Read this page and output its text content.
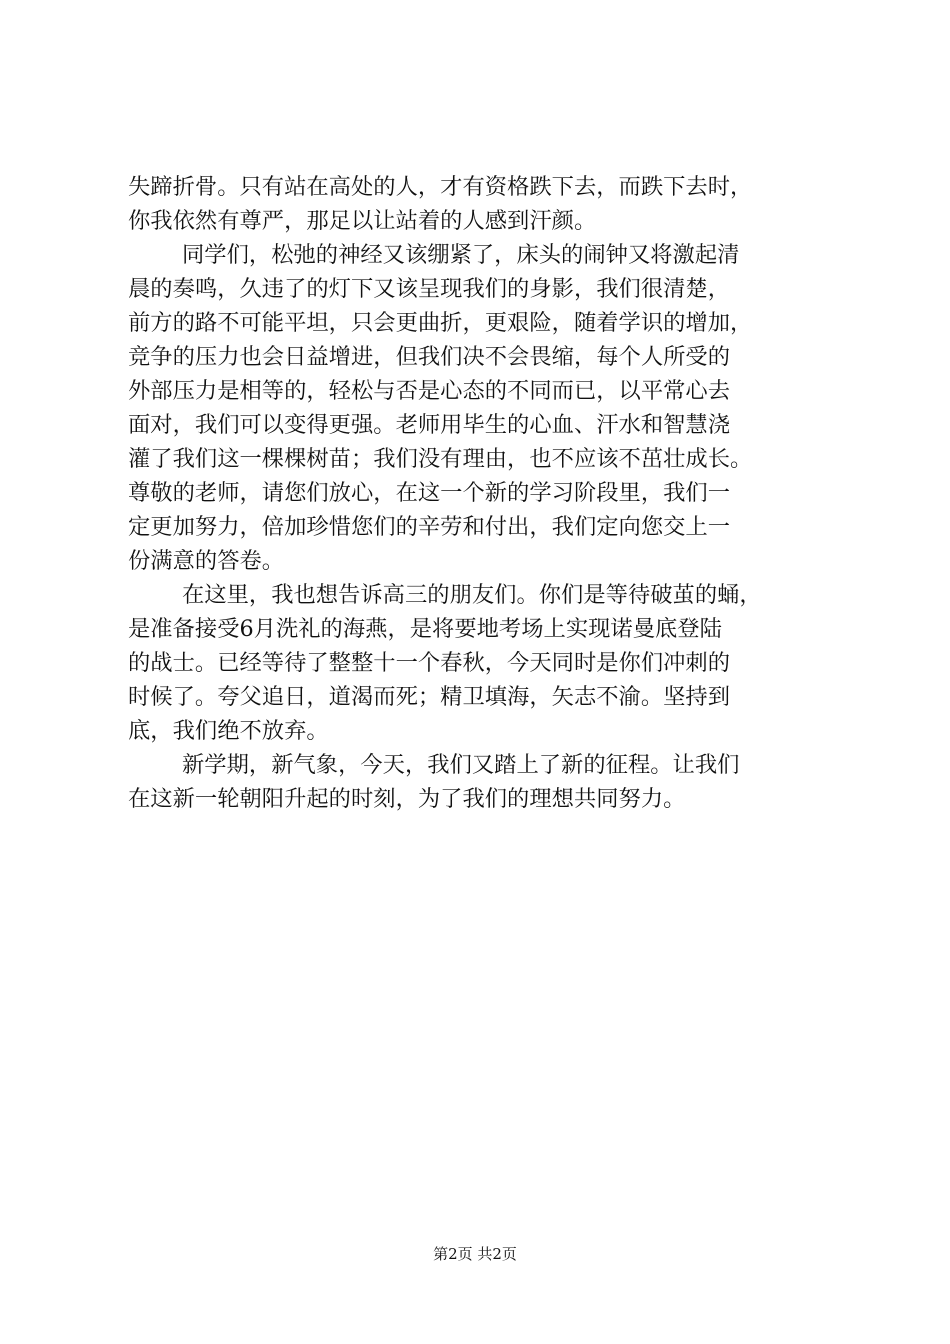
失蹄折骨。只有站在高处的人，才有资格跌下去，而跌下去时，
你我依然有尊严，那足以让站着的人感到汗颜。
同学们，松弛的神经又该绷紧了，床头的闹钟又将激起清
晨的奏鸣，久违了的灯下又该呈现我们的身影，我们很清楚，
前方的路不可能平坦，只会更曲折，更艰险，随着学识的增加，
竞争的压力也会日益增进，但我们决不会畏缩，每个人所受的
外部压力是相等的，轻松与否是心态的不同而已，以平常心去
面对，我们可以变得更强。老师用毕生的心血、汗水和智慧浇
灌了我们这一棵棵树苗；我们没有理由，也不应该不茁壮成长。
尊敬的老师，请您们放心，在这一个新的学习阶段里，我们一
定更加努力，倍加珍惜您们的辛劳和付出，我们定向您交上一
份满意的答卷。
在这里，我也想告诉高三的朋友们。你们是等待破茧的蛹，
是准备接受6月洗礼的海燕，是将要地考场上实现诺曼底登陆
的战士。已经等待了整整十一个春秋，今天同时是你们冲刺的
时候了。夸父追日，道渴而死；精卫填海，矢志不渝。坚持到
底，我们绝不放弃。
新学期，新气象，今天，我们又踏上了新的征程。让我们
在这新一轮朝阳升起的时刻，为了我们的理想共同努力。
第2页 共2页
